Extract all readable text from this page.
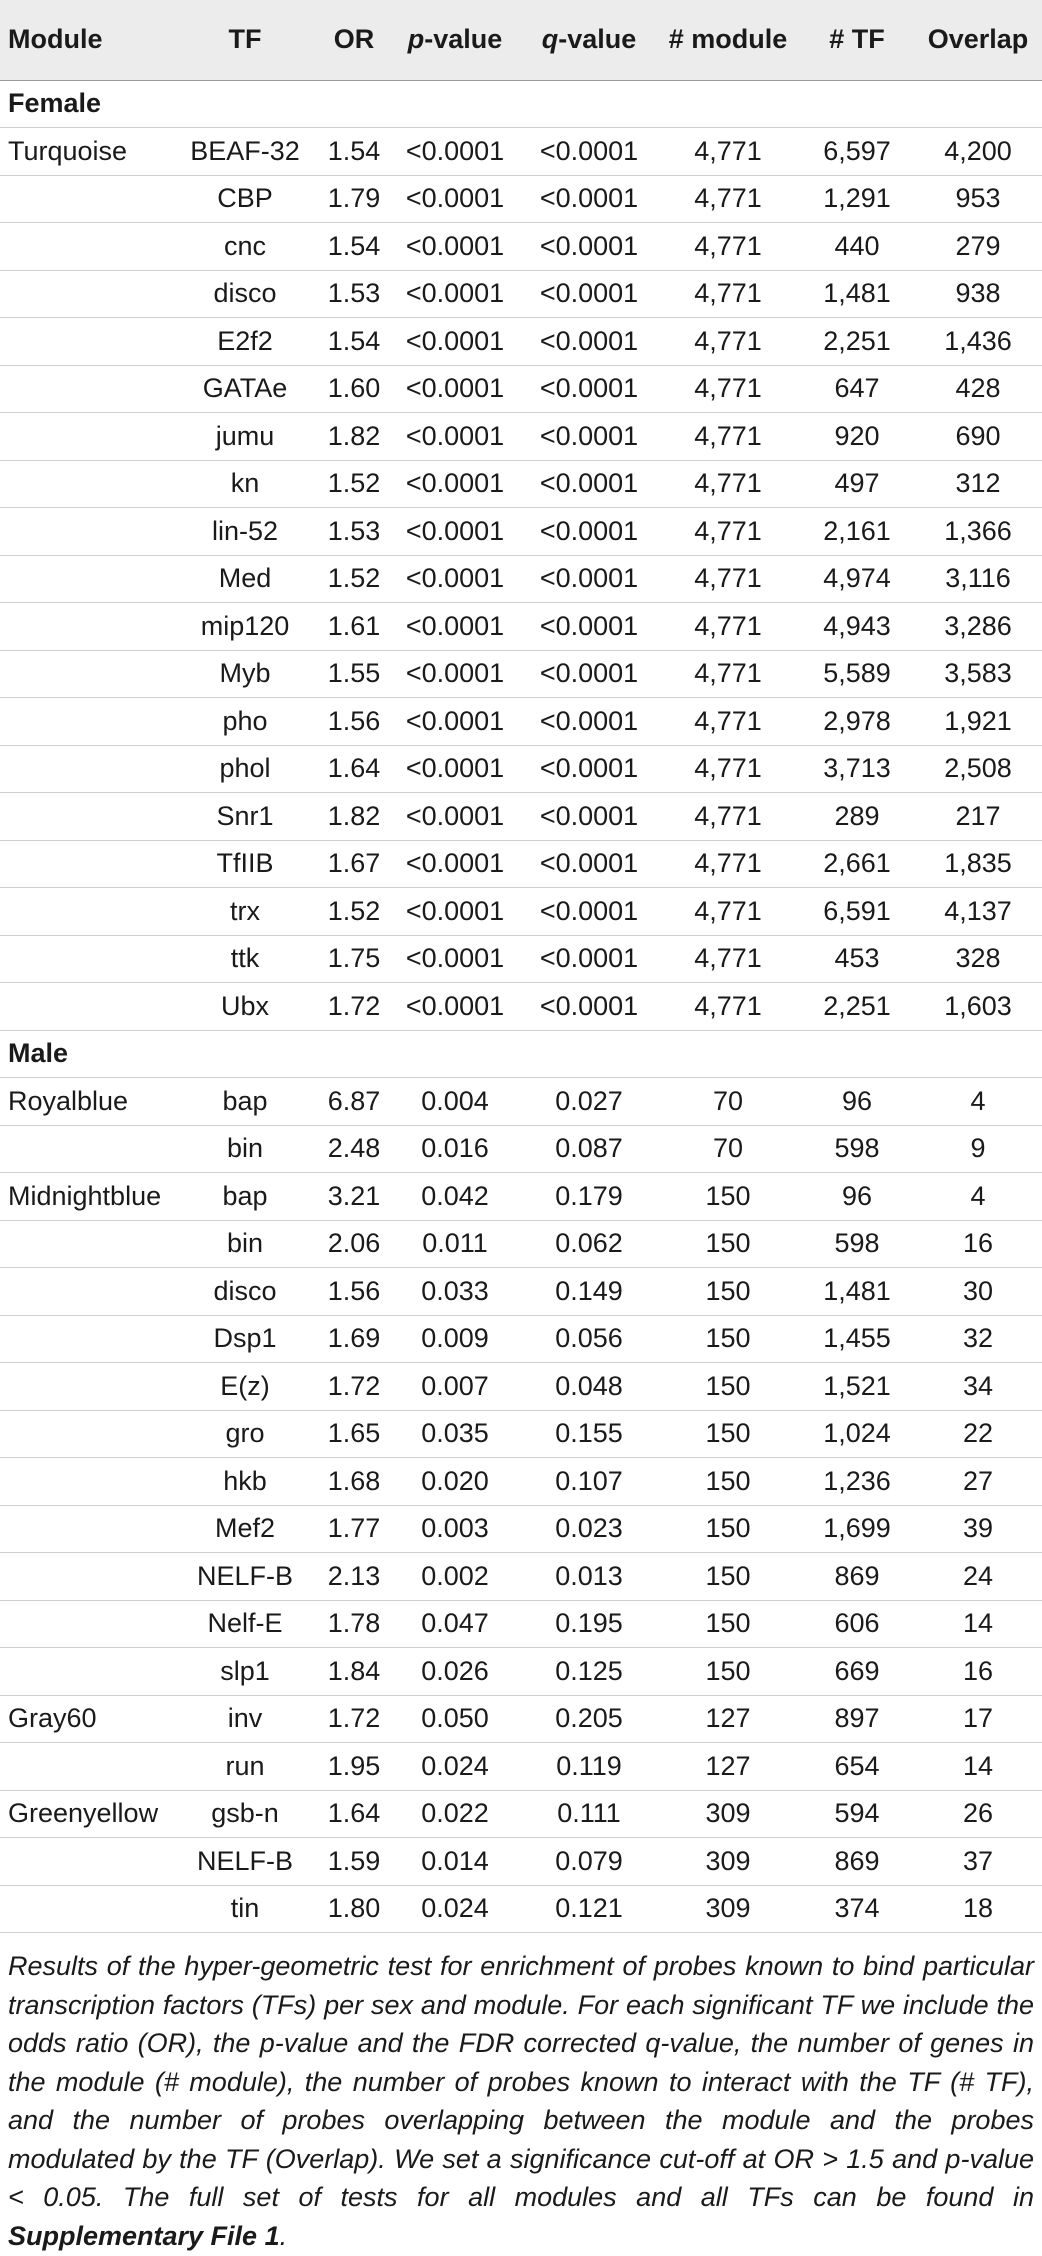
Module	TF	OR	p-value	q-value	# module	# TF	Overlap
Female							
Turquoise	BEAF-32	1.54	<0.0001	<0.0001	4,771	6,597	4,200
	CBP	1.79	<0.0001	<0.0001	4,771	1,291	953
	cnc	1.54	<0.0001	<0.0001	4,771	440	279
	disco	1.53	<0.0001	<0.0001	4,771	1,481	938
	E2f2	1.54	<0.0001	<0.0001	4,771	2,251	1,436
	GATAe	1.60	<0.0001	<0.0001	4,771	647	428
	jumu	1.82	<0.0001	<0.0001	4,771	920	690
	kn	1.52	<0.0001	<0.0001	4,771	497	312
	lin-52	1.53	<0.0001	<0.0001	4,771	2,161	1,366
	Med	1.52	<0.0001	<0.0001	4,771	4,974	3,116
	mip120	1.61	<0.0001	<0.0001	4,771	4,943	3,286
	Myb	1.55	<0.0001	<0.0001	4,771	5,589	3,583
	pho	1.56	<0.0001	<0.0001	4,771	2,978	1,921
	phol	1.64	<0.0001	<0.0001	4,771	3,713	2,508
	Snr1	1.82	<0.0001	<0.0001	4,771	289	217
	TfIIB	1.67	<0.0001	<0.0001	4,771	2,661	1,835
	trx	1.52	<0.0001	<0.0001	4,771	6,591	4,137
	ttk	1.75	<0.0001	<0.0001	4,771	453	328
	Ubx	1.72	<0.0001	<0.0001	4,771	2,251	1,603
Male							
Royalblue	bap	6.87	0.004	0.027	70	96	4
	bin	2.48	0.016	0.087	70	598	9
Midnightblue	bap	3.21	0.042	0.179	150	96	4
	bin	2.06	0.011	0.062	150	598	16
	disco	1.56	0.033	0.149	150	1,481	30
	Dsp1	1.69	0.009	0.056	150	1,455	32
	E(z)	1.72	0.007	0.048	150	1,521	34
	gro	1.65	0.035	0.155	150	1,024	22
	hkb	1.68	0.020	0.107	150	1,236	27
	Mef2	1.77	0.003	0.023	150	1,699	39
	NELF-B	2.13	0.002	0.013	150	869	24
	Nelf-E	1.78	0.047	0.195	150	606	14
	slp1	1.84	0.026	0.125	150	669	16
Gray60	inv	1.72	0.050	0.205	127	897	17
	run	1.95	0.024	0.119	127	654	14
Greenyellow	gsb-n	1.64	0.022	0.111	309	594	26
	NELF-B	1.59	0.014	0.079	309	869	37
	tin	1.80	0.024	0.121	309	374	18

Results of the hyper-geometric test for enrichment of probes known to bind particular transcription factors (TFs) per sex and module. For each significant TF we include the odds ratio (OR), the p-value and the FDR corrected q-value, the number of genes in the module (# module), the number of probes known to interact with the TF (# TF), and the number of probes overlapping between the module and the probes modulated by the TF (Overlap). We set a significance cut-off at OR > 1.5 and p-value < 0.05. The full set of tests for all modules and all TFs can be found in Supplementary File 1.
